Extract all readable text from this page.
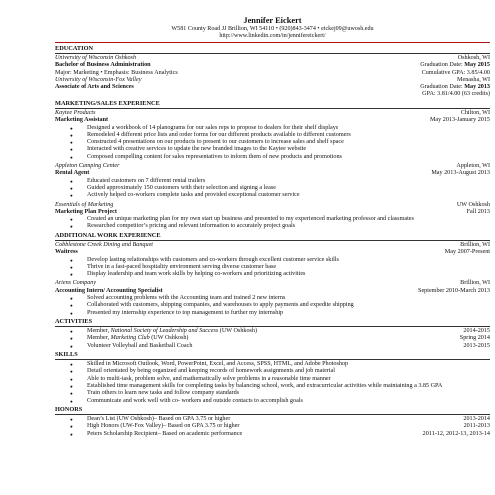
Jennifer Eickert
W581 County Road JJ Brillion, WI 54110 • (920)843-3474 • eickej09@uwosh.edu
http://www.linkedin.com/in/jennifereickert/
EDUCATION
University of Wisconsin Oshkosh	Oshkosh, WI
Bachelor of Business Administration	Graduation Date: May 2015
Major: Marketing • Emphasis: Business Analytics	Cumulative GPA: 3.85/4.00
University of Wisconsin-Fox Valley	Menasha, WI
Associate of Arts and Sciences	Graduation Date: May 2013
GPA: 3.81/4.00 (63 credits)
MARKETING/SALES EXPERIENCE
Kaytee Products	Chilton, WI
Marketing Assistant	May 2013-January 2015
● Designed a workbook of 14 planograms for our sales reps to propose to dealers for their shelf displays
● Remodeled 4 different price lists and order forms for our different products available to different customers
● Constructed 4 presentations on our products to present to our customers to increase sales and shelf space
● Interacted with creative services to update the new branded images to the Kaytee website
● Composed compelling content for sales representatives to inform them of new products and promotions
Appleton Camping Center	Appleton, WI
Rental Agent	May 2013-August 2013
● Educated customers on 7 different rental trailers
● Guided approximately 150 customers with their selection and signing a lease
● Actively helped co-workers complete tasks and provided exceptional customer service
Essentials of Marketing	UW Oshkosh
Marketing Plan Project	Fall 2013
● Created an unique marketing plan for my own start up business and presented to my experienced marketing professor and classmates
● Researched competitor’s pricing and relevant information to accurately project goals
ADDITIONAL WORK EXPERIENCE
Cobblestone Creek Dining and Banquet	Brillion, WI
Waitress	May 2007-Present
● Develop lasting relationships with customers and co-workers through excellent customer service skills
● Thrive in a fast-paced hospitality environment serving diverse customer base
● Display leadership and team work skills by helping co-workers and prioritizing activities
Ariens Company	Brillion, WI
Accounting Intern/ Accounting Specialist	September 2010-March 2013
● Solved accounting problems with the Accounting team and trained 2 new interns
● Collaborated with customers, shipping companies, and warehouses to apply payments and expedite shipping
● Presented my internship experience to top management to further my internship
ACTIVITIES
● Member, National Society of Leadership and Success (UW Oshkosh)	2014-2015
● Member, Marketing Club (UW Oshkosh)	Spring 2014
● Volunteer Volleyball and Basketball Coach	2013-2015
SKILLS
● Skilled in Microsoft Outlook, Word, PowerPoint, Excel, and Access, SPSS, HTML, and Adobe Photoshop
● Detail orientated by being organized and keeping records of homework assignments and job material
● Able to multi-task, problem solve, and mathematically solve problems in a reasonable time manner
● Established time management skills for completing tasks by balancing school, work, and extracurricular activities while maintaining a 3.85 GPA
● Train others to learn new tasks and follow company standards
● Communicate and work well with co- workers and outside contacts to accomplish goals
HONORS
● Dean’s List (UW Oshkosh)– Based on GPA 3.75 or higher	2013-2014
● High Honors (UW-Fox Valley)– Based on GPA 3.75 or higher	2011-2013
● Peters Scholarship Recipient– Based on academic performance	2011-12, 2012-13, 2013-14
